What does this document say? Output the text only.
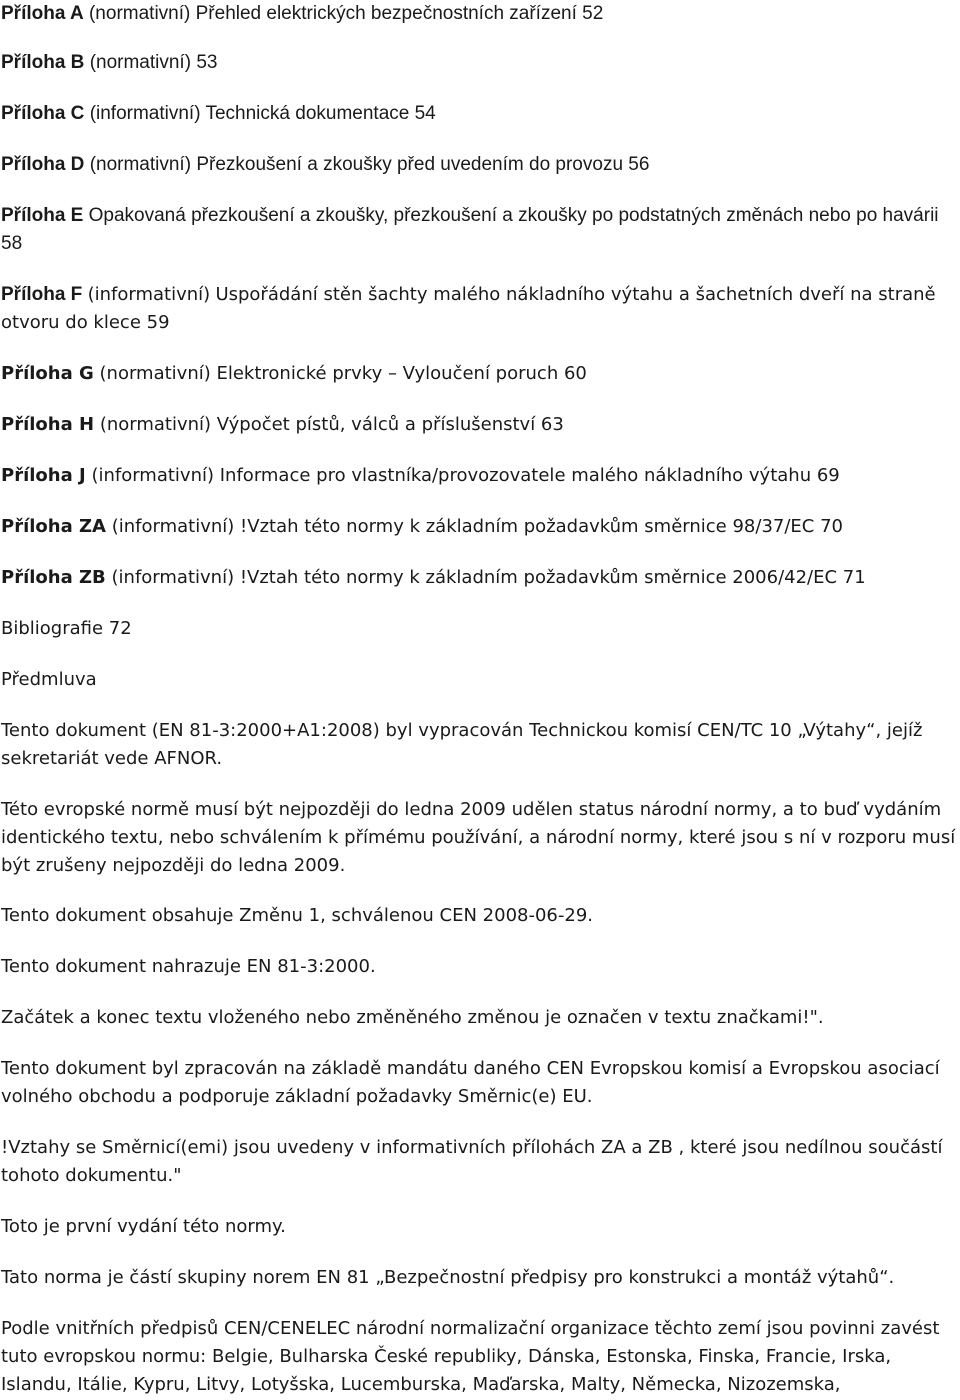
Příloha A (normativní) Přehled elektrických bezpečnostních zařízení 52

Příloha B (normativní) 53

Příloha C (informativní) Technická dokumentace 54

Příloha D (normativní) Přezkoušení a zkoušky před uvedením do provozu 56

Příloha E Opakovaná přezkoušení a zkoušky, přezkoušení a zkoušky po podstatných změnách nebo po havárii 58

Příloha F (informativní) Uspořádání stěn šachty malého nákladního výtahu a šachetních dveří na straně otvoru do klece 59

Příloha G (normativní) Elektronické prvky – Vyloučení poruch 60

Příloha H (normativní) Výpočet pístů, válců a příslušenství 63

Příloha J (informativní) Informace pro vlastníka/provozovatele malého nákladního výtahu 69

Příloha ZA (informativní) !Vztah této normy k základním požadavkům směrnice 98/37/EC 70

Příloha ZB (informativní) !Vztah této normy k základním požadavkům směrnice 2006/42/EC 71

Bibliografie 72

Předmluva

Tento dokument (EN 81-3:2000+A1:2008) byl vypracován Technickou komisí CEN/TC 10 „Výtahy“, jejíž sekretariát vede AFNOR.

Této evropské normě musí být nejpozději do ledna 2009 udělen status národní normy, a to buď vydáním identického textu, nebo schválením k přímému používání, a národní normy, které jsou s ní v rozporu musí být zrušeny nejpozději do ledna 2009.

Tento dokument obsahuje Změnu 1, schválenou CEN 2008-06-29.

Tento dokument nahrazuje EN 81-3:2000.

Začátek a konec textu vloženého nebo změněného změnou je označen v textu značkami!".

Tento dokument byl zpracován na základě mandátu daného CEN Evropskou komisí a Evropskou asociací volného obchodu a podporuje základní požadavky Směrnic(e) EU.

!Vztahy se Směrnicí(emi) jsou uvedeny v informativních přílohách ZA a ZB , které jsou nedílnou součástí tohoto dokumentu."

Toto je první vydání této normy.

Tato norma je částí skupiny norem EN 81 „Bezpečnostní předpisy pro konstrukci a montáž výtahů“.

Podle vnitřních předpisů CEN/CENELEC národní normalizační organizace těchto zemí jsou povinni zavést tuto evropskou normu: Belgie, Bulharska České republiky, Dánska, Estonska, Finska, Francie, Irska, Islandu, Itálie, Kypru, Litvy, Lotyšska, Lucemburska, Maďarska, Malty, Německa, Nizozemska,
